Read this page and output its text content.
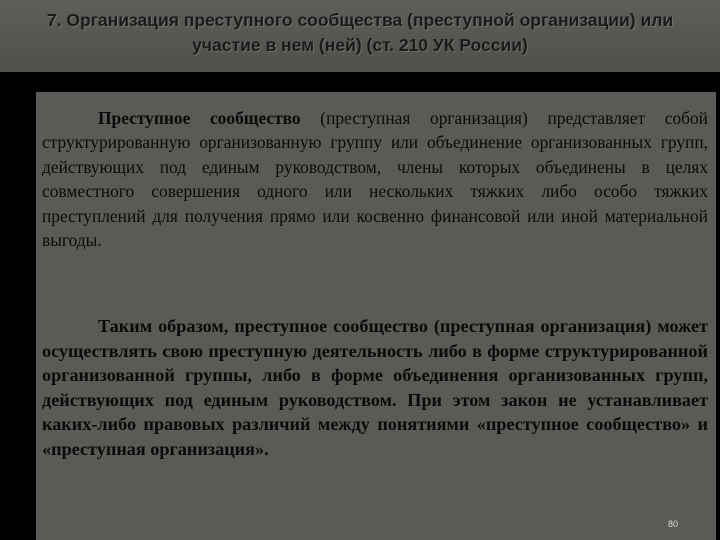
7. Организация преступного сообщества (преступной организации) или участие в нем (ней) (ст. 210 УК России)

Преступное сообщество (преступная организация) представляет собой структурированную организованную группу или объединение организованных групп, действующих под единым руководством, члены которых объединены в целях совместного совершения одного или нескольких тяжких либо особо тяжких преступлений для получения прямо или косвенно финансовой или иной материальной выгоды.

Таким образом, преступное сообщество (преступная организация) может осуществлять свою преступную деятельность либо в форме структурированной организованной группы, либо в форме объединения организованных групп, действующих под единым руководством. При этом закон не устанавливает каких-либо правовых различий между понятиями «преступное сообщество» и «преступная организация».

80
